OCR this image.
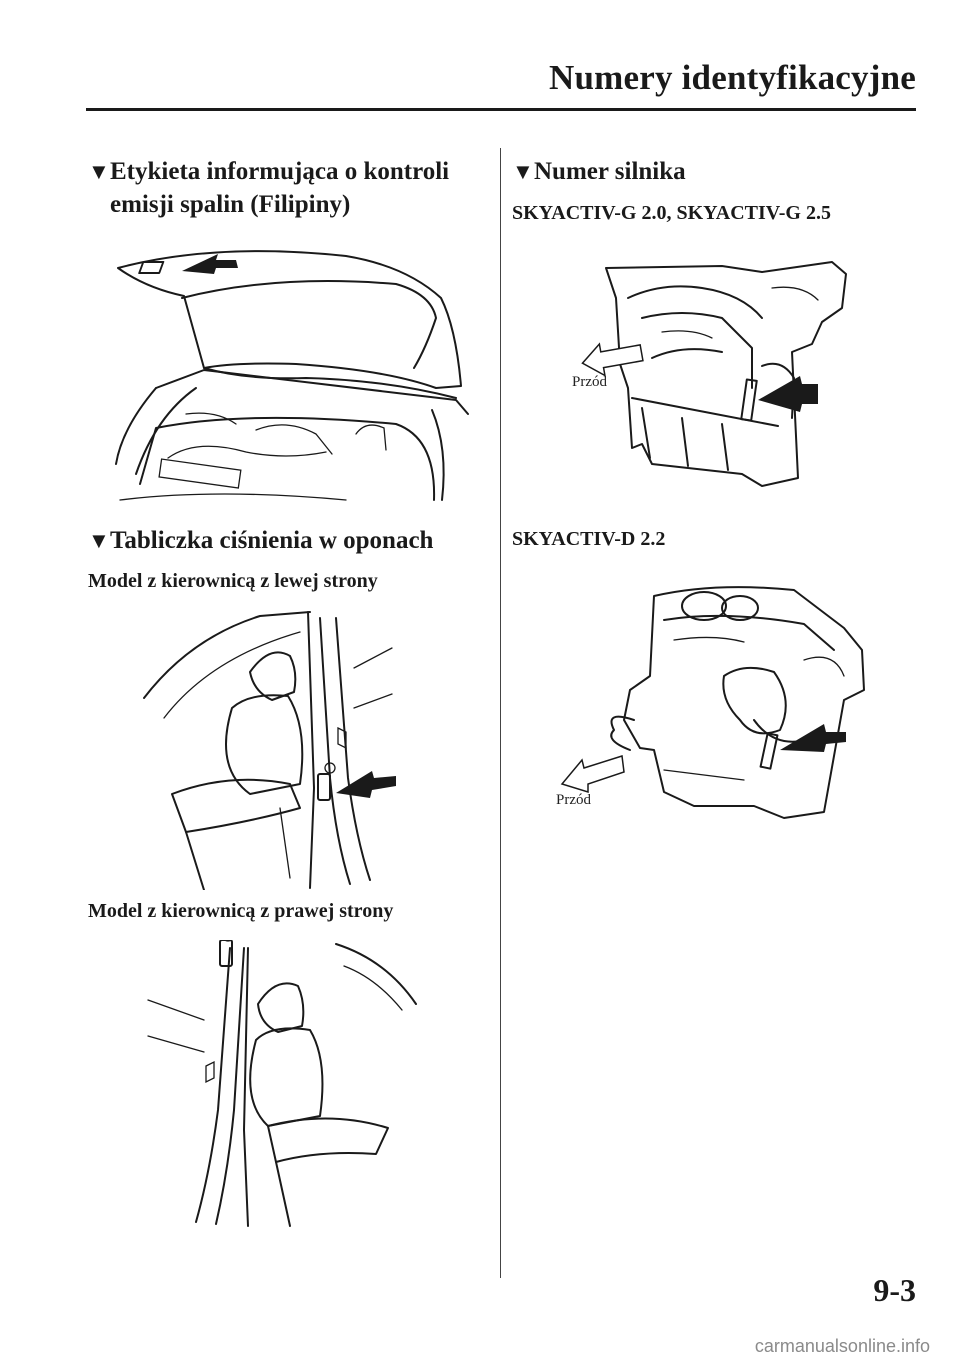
Numery identyfikacyjne
▼Etykieta informująca o kontroli
emisji spalin (Filipiny)
▼Tabliczka ciśnienia w oponach
Model z kierownicą z lewej strony
Model z kierownicą z prawej strony
▼Numer silnika
SKYACTIV-G 2.0, SKYACTIV-G 2.5
Przód
SKYACTIV-D 2.2
Przód
9-3
carmanualsonline.info
